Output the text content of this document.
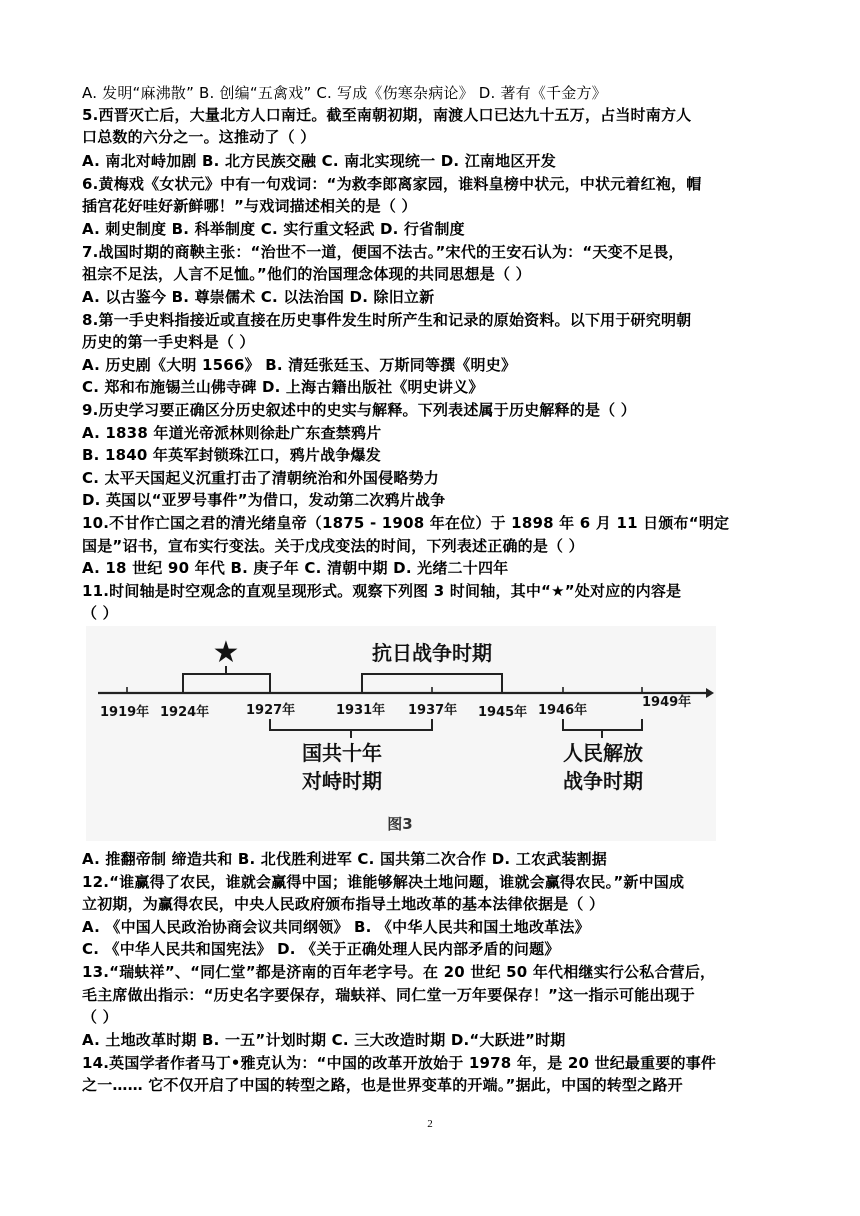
A. 发明“麻沸散” B. 创编“五禽戏” C. 写成《伤寒杂病论》 D. 著有《千金方》
5.西晋灭亡后，大量北方人口南迁。截至南朝初期，南渡人口已达九十五万，占当时南方人
口总数的六分之一。这推动了（ ）
A. 南北对峙加剧 B. 北方民族交融 C. 南北实现统一 D. 江南地区开发
6.黄梅戏《女状元》中有一句戏词：“为救李郎离家园，谁料皇榜中状元，中状元着红袍，帽
插宫花好哇好新鲜哪！”与戏词描述相关的是（ ）
A. 刺史制度 B. 科举制度 C. 实行重文轻武 D. 行省制度
7.战国时期的商鞅主张：“治世不一道，便国不法古。”宋代的王安石认为：“天变不足畏，
祖宗不足法，人言不足恤。”他们的治国理念体现的共同思想是（ ）
A. 以古鉴今 B. 尊崇儒术 C. 以法治国 D. 除旧立新
8.第一手史料指接近或直接在历史事件发生时所产生和记录的原始资料。以下用于研究明朝
历史的第一手史料是（ ）
A. 历史剧《大明 1566》 B. 清廷张廷玉、万斯同等撰《明史》
C. 郑和布施锡兰山佛寺碑 D. 上海古籍出版社《明史讲义》
9.历史学习要正确区分历史叙述中的史实与解释。下列表述属于历史解释的是（ ）
A. 1838 年道光帝派林则徐赴广东查禁鸦片
B. 1840 年英军封锁珠江口，鸦片战争爆发
C. 太平天国起义沉重打击了清朝统治和外国侵略势力
D. 英国以“亚罗号事件”为借口，发动第二次鸦片战争
10.不甘作亡国之君的清光绪皇帝（1875 - 1908 年在位）于 1898 年 6 月 11 日颁布“明定
国是”诏书，宣布实行变法。关于戊戌变法的时间，下列表述正确的是（ ）
A. 18 世纪 90 年代 B. 庚子年 C. 清朝中期 D. 光绪二十四年
11.时间轴是时空观念的直观呈现形式。观察下列图 3 时间轴，其中“★”处对应的内容是
（ ）
★	抗日战争时期
1919年 1924年	1927年	1931年 1937年 1945年 1946年
1949年
国共十年
对峙时期
人民解放
战争时期
图3
A. 推翻帝制 缔造共和 B. 北伐胜利进军 C. 国共第二次合作 D. 工农武装割据
12.“谁赢得了农民，谁就会赢得中国；谁能够解决土地问题，谁就会赢得农民。”新中国成
立初期，为赢得农民，中央人民政府颁布指导土地改革的基本法律依据是（ ）
A. 《中国人民政治协商会议共同纲领》 B. 《中华人民共和国土地改革法》
C. 《中华人民共和国宪法》 D. 《关于正确处理人民内部矛盾的问题》
13.“瑞蚨祥”、“同仁堂”都是济南的百年老字号。在 20 世纪 50 年代相继实行公私合营后，
毛主席做出指示：“历史名字要保存，瑞蚨祥、同仁堂一万年要保存！”这一指示可能出现于
（ ）
A. 土地改革时期 B. 一五”计划时期 C. 三大改造时期 D.“大跃进”时期
14.英国学者作者马丁•雅克认为：“中国的改革开放始于 1978 年，是 20 世纪最重要的事件
之一…… 它不仅开启了中国的转型之路，也是世界变革的开端。”据此，中国的转型之路开
2
